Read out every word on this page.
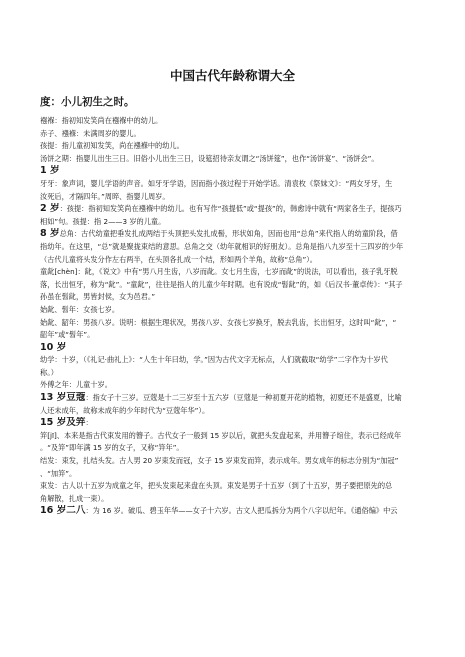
中国古代年龄称谓大全

度：小儿初生之时。

襁褓：指初知发笑尚在襁褓中的幼儿。

赤子、襁褓：未满周岁的婴儿。

孩提：指儿童初知发笑，尚在襁褓中的幼儿。

汤饼之期：指婴儿出生三日。旧俗小儿出生三日，设筵招待亲友谓之“汤饼筵”，也作“汤饼宴”、“汤饼会”。

1 岁

牙牙：象声词，婴儿学语的声音。如牙牙学语，因而指小孩过程于开始学话。清袁枚《祭妹文》：“两女牙牙，生

汝死后，才隔四年。”周晬、指婴儿周岁。

2 岁：孩提：指初知发笑尚在襁褓中的幼儿。也有写作“孩提低”或“提孩”的，韩愈诗中就有“两家各生子，提孩巧

相如”句。孩提：指 2——3 岁的儿童。

8 岁总角：古代幼童把垂发扎成两结于头顶把头发扎成髻，形状如角，因而也用“总角”来代指人的幼童阶段，借

指幼年。在这里，“总”就是聚拢束结的意思。总角之交（幼年就相识的好朋友）。总角是指八九岁至十三四岁的少年

（古代儿童将头发分作左右两半，在头顶各扎成一个结，形如两个羊角，故称“总角”）。

童龀[chèn]：龀，《说文》中有“男八月生齿，八岁而龀。女七月生齿，七岁而龀”的说法，可以看出，孩子乳牙脱

落，长出恒牙，称为“龀”。“童龀”，往往是指人的儿童少年时期。也有说成“髫龀”的，如《后汉书·董卓传》：“其子

孙虽在髫龀，男皆封侯，女为邑君。”

始龀、髫年：女孩七岁。

始龀、龆年：男孩八岁。说明：根据生理状况，男孩八岁、女孩七岁换牙，脱去乳齿，长出恒牙，这时叫“龀”，“

龆年”或“髫年”。

10 岁

幼学：十岁，（《礼记·曲礼上》：“人生十年曰幼，学。”因为古代文字无标点，人们就截取“幼学”二字作为十岁代

称。）

外傅之年：儿童十岁。

13 岁豆蔻：指女子十三岁。豆蔻是十二三岁至十五六岁（豆蔻是一种初夏开花的植物，初夏还不是盛夏，比喻

人还未成年，故称未成年的少年时代为“豆蔻年华”）。

15 岁及笄：

笄[jī]、本来是指古代束发用的簪子。古代女子一般到 15 岁以后，就把头发盘起来，并用簪子绾住，表示已经成年

。“及笄”即年满 15 岁的女子，又称“笄年”。

结发：束发，扎结头发。古人男 20 岁束发而冠，女子 15 岁束发而笄，表示成年。男女成年的标志分别为“加冠”

、“加笄”。

束发：古人以十五岁为成童之年，把头发束起来盘在头顶。束发是男子十五岁（到了十五岁，男子要把原先的总

角解散，扎成一束）。

16 岁二八：为 16 岁。破瓜、碧玉年华——女子十六岁。古文人把瓜拆分为两个八字以纪年。《通俗编》中云
